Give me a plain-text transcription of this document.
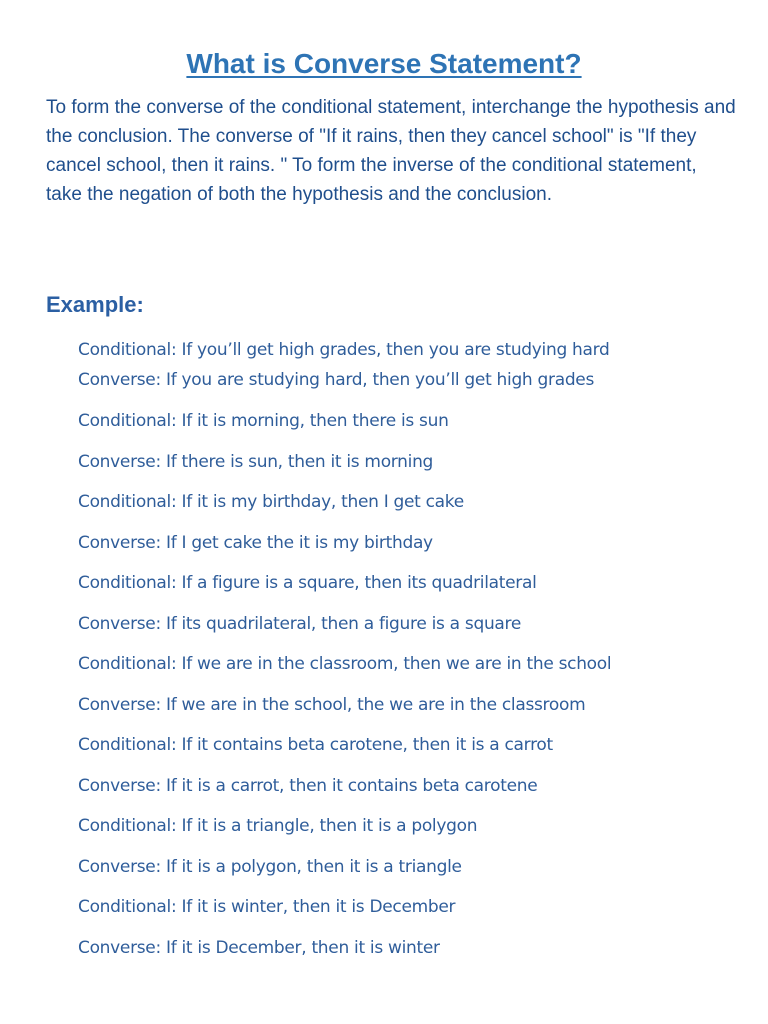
What is Converse Statement?

To form the converse of the conditional statement, interchange the hypothesis and the conclusion. The converse of "If it rains, then they cancel school" is "If they cancel school, then it rains. " To form the inverse of the conditional statement, take the negation of both the hypothesis and the conclusion.

Example:
Conditional: If you’ll get high grades, then you are studying hard
Converse: If you are studying hard, then you’ll get high grades
Conditional: If it is morning, then there is sun
Converse: If there is sun, then it is morning
Conditional: If it is my birthday, then I get cake
Converse: If I get cake the it is my birthday
Conditional: If a figure is a square, then its quadrilateral
Converse: If its quadrilateral, then a figure is a square
Conditional: If we are in the classroom, then we are in the school
Converse: If we are in the school, the we are in the classroom
Conditional: If it contains beta carotene, then it is a carrot
Converse: If it is a carrot, then it contains beta carotene
Conditional: If it is a triangle, then it is a polygon
Converse: If it is a polygon, then it is a triangle
Conditional: If it is winter, then it is December
Converse: If it is December, then it is winter
